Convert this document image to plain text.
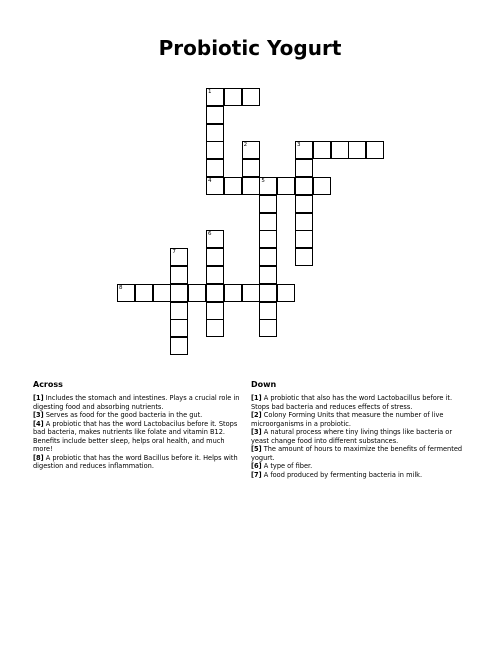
Probiotic Yogurt
1
4
3
2
5
6
7
8
Across
[1] Includes the stomach and intestines. Plays a crucial role in digesting food and absorbing nutrients.
[3] Serves as food for the good bacteria in the gut.
[4] A probiotic that has the word Lactobacilus before it. Stops bad bacteria, makes nutrients like folate and vitamin B12. Benefits include better sleep, helps oral health, and much more!
[8] A probiotic that has the word Bacillus before it. Helps with digestion and reduces inflammation.
Down
[1] A probiotic that also has the word Lactobacillus before it. Stops bad bacteria and reduces effects of stress.
[2] Colony Forming Units that measure the number of live microorganisms in a probiotic.
[3] A natural process where tiny living things like bacteria or yeast change food into different substances.
[5] The amount of hours to maximize the benefits of fermented yogurt.
[6] A type of fiber.
[7] A food produced by fermenting bacteria in milk.
